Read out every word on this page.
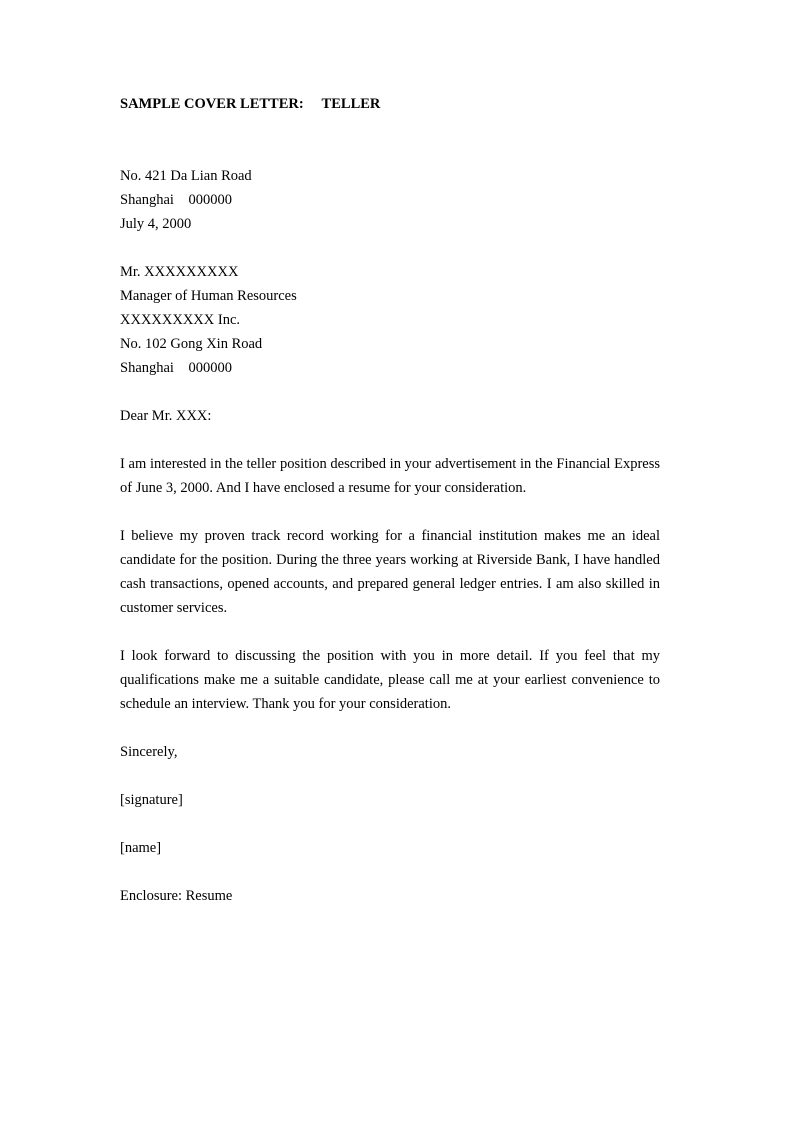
SAMPLE COVER LETTER:     TELLER
No. 421 Da Lian Road
Shanghai    000000
July 4, 2000
Mr. XXXXXXXXX
Manager of Human Resources
XXXXXXXXX Inc.
No. 102 Gong Xin Road
Shanghai    000000
Dear Mr. XXX:

I am interested in the teller position described in your advertisement in the Financial Express of June 3, 2000. And I have enclosed a resume for your consideration.

I believe my proven track record working for a financial institution makes me an ideal candidate for the position. During the three years working at Riverside Bank, I have handled cash transactions, opened accounts, and prepared general ledger entries. I am also skilled in customer services.

I look forward to discussing the position with you in more detail. If you feel that my qualifications make me a suitable candidate, please call me at your earliest convenience to schedule an interview. Thank you for your consideration.

Sincerely,
[signature]
[name]
Enclosure: Resume
